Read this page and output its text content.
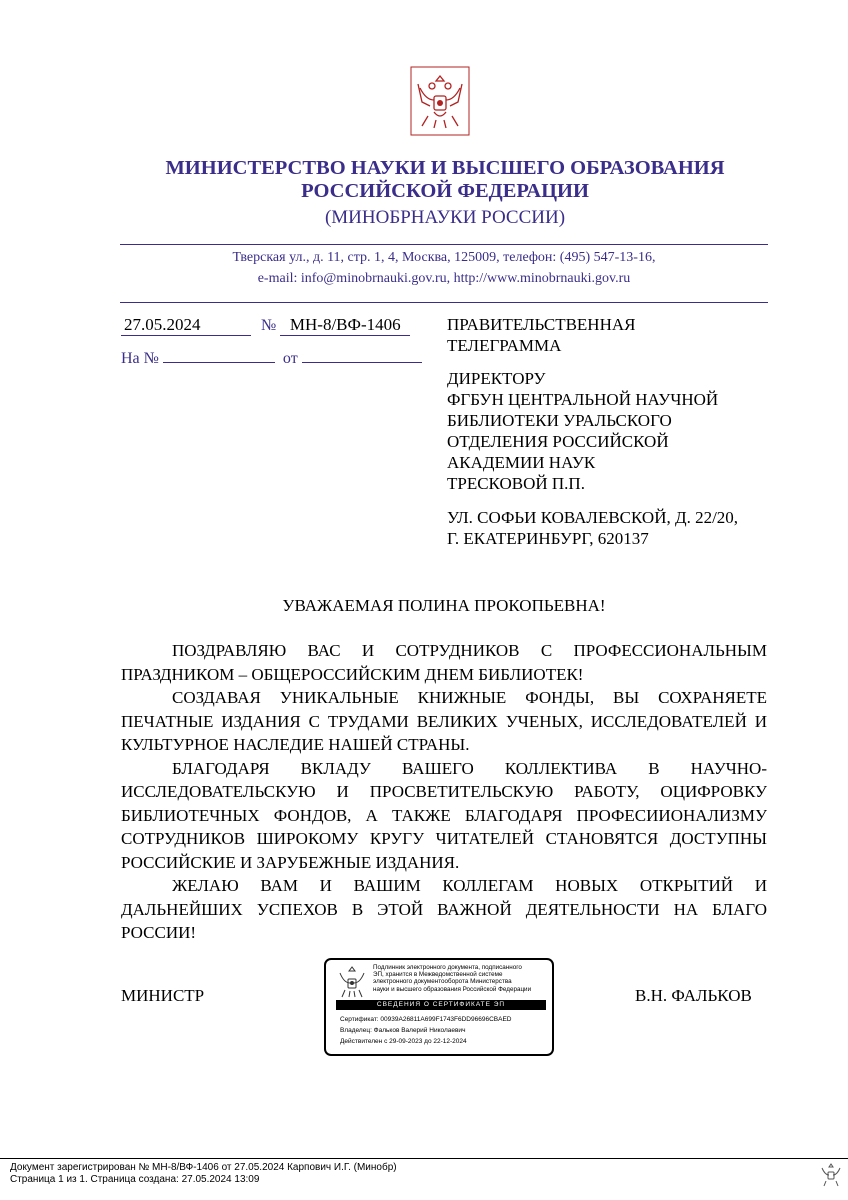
МИНИСТЕРСТВО НАУКИ И ВЫСШЕГО ОБРАЗОВАНИЯ
РОССИЙСКОЙ ФЕДЕРАЦИИ
(МИНОБРНАУКИ РОССИИ)
Тверская ул., д. 11, стр. 1, 4, Москва, 125009, телефон: (495) 547-13-16,
e-mail: info@minobrnauki.gov.ru, http://www.minobrnauki.gov.ru
27.05.2024	№ МН-8/ВФ-1406
На №	от
ПРАВИТЕЛЬСТВЕННАЯ
ТЕЛЕГРАММА
ДИРЕКТОРУ
ФГБУН ЦЕНТРАЛЬНОЙ НАУЧНОЙ
БИБЛИОТЕКИ УРАЛЬСКОГО
ОТДЕЛЕНИЯ РОССИЙСКОЙ
АКАДЕМИИ НАУК
ТРЕСКОВОЙ П.П.
УЛ. СОФЬИ КОВАЛЕВСКОЙ, Д. 22/20,
Г. ЕКАТЕРИНБУРГ, 620137
УВАЖАЕМАЯ ПОЛИНА ПРОКОПЬЕВНА!

ПОЗДРАВЛЯЮ ВАС И СОТРУДНИКОВ С ПРОФЕССИОНАЛЬНЫМ ПРАЗДНИКОМ – ОБЩЕРОССИЙСКИМ ДНЕМ БИБЛИОТЕК!

СОЗДАВАЯ УНИКАЛЬНЫЕ КНИЖНЫЕ ФОНДЫ, ВЫ СОХРАНЯЕТЕ ПЕЧАТНЫЕ ИЗДАНИЯ С ТРУДАМИ ВЕЛИКИХ УЧЕНЫХ, ИССЛЕДОВАТЕЛЕЙ И КУЛЬТУРНОЕ НАСЛЕДИЕ НАШЕЙ СТРАНЫ.

БЛАГОДАРЯ ВКЛАДУ ВАШЕГО КОЛЛЕКТИВА В НАУЧНО-ИССЛЕДОВАТЕЛЬСКУЮ И ПРОСВЕТИТЕЛЬСКУЮ РАБОТУ, ОЦИФРОВКУ БИБЛИОТЕЧНЫХ ФОНДОВ, А ТАКЖЕ БЛАГОДАРЯ ПРОФЕСИИОНАЛИЗМУ СОТРУДНИКОВ ШИРОКОМУ КРУГУ ЧИТАТЕЛЕЙ СТАНОВЯТСЯ ДОСТУПНЫ РОССИЙСКИЕ И ЗАРУБЕЖНЫЕ ИЗДАНИЯ.

ЖЕЛАЮ ВАМ И ВАШИМ КОЛЛЕГАМ НОВЫХ ОТКРЫТИЙ И ДАЛЬНЕЙШИХ УСПЕХОВ В ЭТОЙ ВАЖНОЙ ДЕЯТЕЛЬНОСТИ НА БЛАГО РОССИИ!

МИНИСТР	В.Н. ФАЛЬКОВ
Подлинник электронного документа, подписанного
ЭП, хранится в Межведомственной системе
электронного документооборота Министерства
науки и высшего образования Российской Федерации
СВЕДЕНИЯ О СЕРТИФИКАТЕ ЭП
Сертификат: 00939A26811A699F1743F6DD96696CBAED
Владелец: Фальков Валерий Николаевич
Действителен с 29-09-2023 до 22-12-2024
Документ зарегистрирован № МН-8/ВФ-1406 от 27.05.2024 Карпович И.Г. (Минобр)
Страница 1 из 1. Страница создана: 27.05.2024 13:09
